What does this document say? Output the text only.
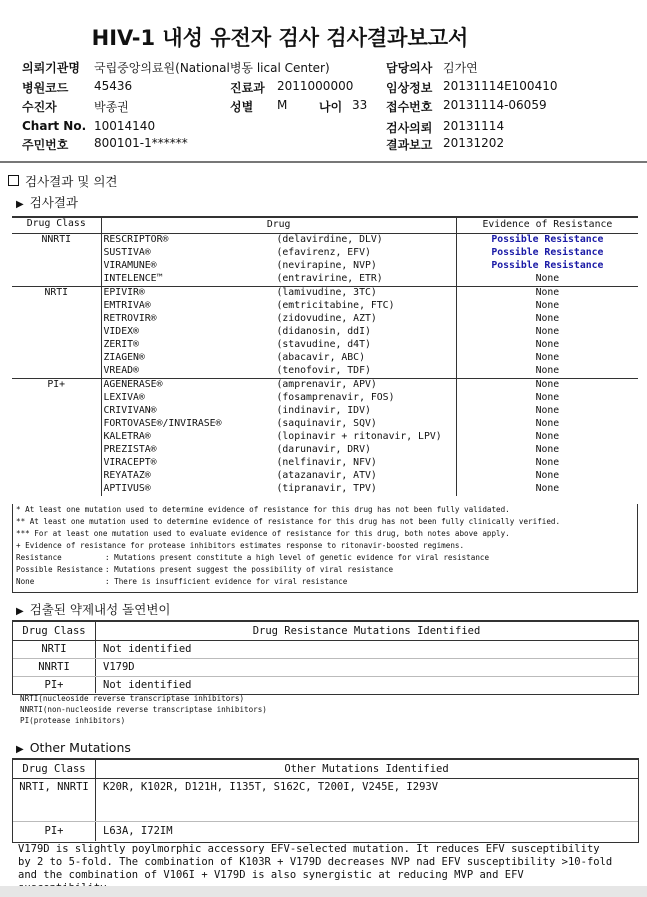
HIV-1 내성 유전자 검사 검사결과보고서
의뢰기관명 국립중앙의료원(National병동 lical Center)
병원코드 45436
수진자	박종권
Chart No. 10014140
주민번호 800101-1******
진료과 2011000000
성별 M	나이 33
담당의사 김가연
임상정보 20131114E100410
접수번호 20131114-06059
검사의뢰 20131114
결과보고 20131202
검사결과 및 의견
▶ 검사결과
Drug Class	Drug		Evidence of Resistance
NNRTI	RESCRIPTOR®	(delavirdine, DLV)	Possible Resistance
	SUSTIVA®	(efavirenz, EFV)	Possible Resistance
	VIRAMUNE®	(nevirapine, NVP)	Possible Resistance
	INTELENCE™	(entravirine, ETR)	None
NRTI	EPIVIR®	(lamivudine, 3TC)	None
	EMTRIVA®	(emtricitabine, FTC)	None
	RETROVIR®	(zidovudine, AZT)	None
	VIDEX®	(didanosin, ddI)	None
	ZERIT®	(stavudine, d4T)	None
	ZIAGEN®	(abacavir, ABC)	None
	VREAD®	(tenofovir, TDF)	None
PI+	AGENERASE®	(amprenavir, APV)	None
	LEXIVA®	(fosamprenavir, FOS)	None
	CRIVIVAN®	(indinavir, IDV)	None
	FORTOVASE®/INVIRASE®	(saquinavir, SQV)	None
	KALETRA®	(lopinavir + ritonavir, LPV)	None
	PREZISTA®	(darunavir, DRV)	None
	VIRACEPT®	(nelfinavir, NFV)	None
	REYATAZ®	(atazanavir, ATV)	None
	APTIVUS®	(tipranavir, TPV)	None
* At least one mutation used to determine evidence of resistance for this drug has not been fully validated.
** At least one mutation used to determine evidence of resistance for this drug has not been fully clinically verified.
*** For at least one mutation used to evaluate evidence of resistance for this drug, both notes above apply.
+ Evidence of resistance for protease inhibitors estimates response to ritonavir-boosted regimens.
Resistance	: Mutations present constitute a high level of genetic evidence for viral resistance
Possible Resistance : Mutations present suggest the possibility of viral resistance
None	: There is insufficient evidence for viral resistance
▶ 검출된 약제내성 돌연변이
Drug Class	Drug Resistance Mutations Identified
NRTI	Not identified
NNRTI	V179D
PI+	Not identified
NRTI(nucleoside reverse transcriptase inhibitors)
NNRTI(non-nucleoside reverse transcriptase inhibitors)
PI(protease inhibitors)
▶ Other Mutations
Drug Class	Other Mutations Identified
NRTI, NNRTI	K20R, K102R, D121H, I135T, S162C, T200I, V245E, I293V
PI+	L63A, I72IM
V179D is slightly poylmorphic accessory EFV-selected mutation. It reduces EFV susceptibility by 2 to 5-fold. The combination of K103R + V179D decreases NVP nad EFV susceptibility >10-fold and the combination of V106I + V179D is also synergistic at reducing MVP and EFV
